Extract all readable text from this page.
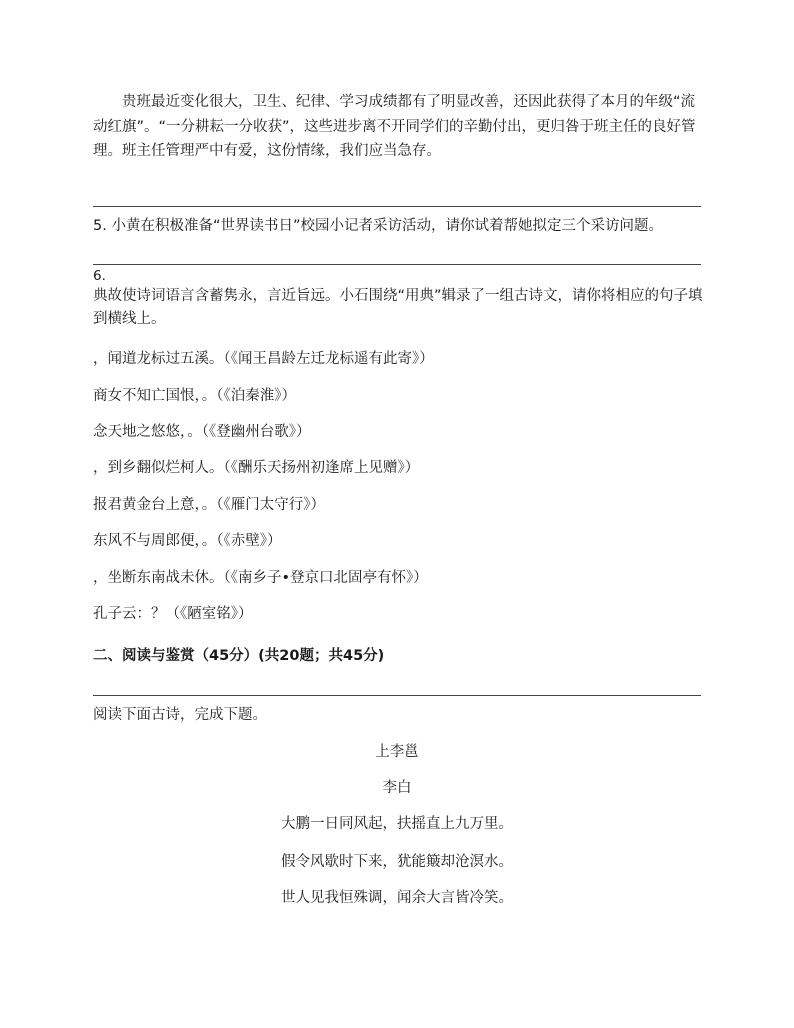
贵班最近变化很大，卫生、纪律、学习成绩都有了明显改善，还因此获得了本月的年级“流动红旗”。“一分耕耘一分收获”，这些进步离不开同学们的辛勤付出，更归咎于班主任的良好管理。班主任管理严中有爱，这份情缘，我们应当急存。
5. 小黄在积极准备“世界读书日”校园小记者采访活动，请你试着帮她拟定三个采访问题。
6.
典故使诗词语言含蓄隽永，言近旨远。小石围绕“用典”辑录了一组古诗文，请你将相应的句子填到横线上。
，闻道龙标过五溪。（《闻王昌龄左迁龙标遥有此寄》）
商女不知亡国恨，。（《泊秦淮》）
念天地之悠悠，。（《登幽州台歌》）
，到乡翻似烂柯人。（《酬乐天扬州初逢席上见赠》）
报君黄金台上意，。（《雁门太守行》）
东风不与周郎便，。（《赤壁》）
，坐断东南战未休。（《南乡子•登京口北固亭有怀》）
孔子云：？（《陋室铭》）
二、阅读与鉴赏（45分）(共20题；共45分)
阅读下面古诗，完成下题。
上李邕
李白
大鹏一日同风起，扶摇直上九万里。
假令风歇时下来，犹能簸却沧溟水。
世人见我恒殊调，闻余大言皆冷笑。
